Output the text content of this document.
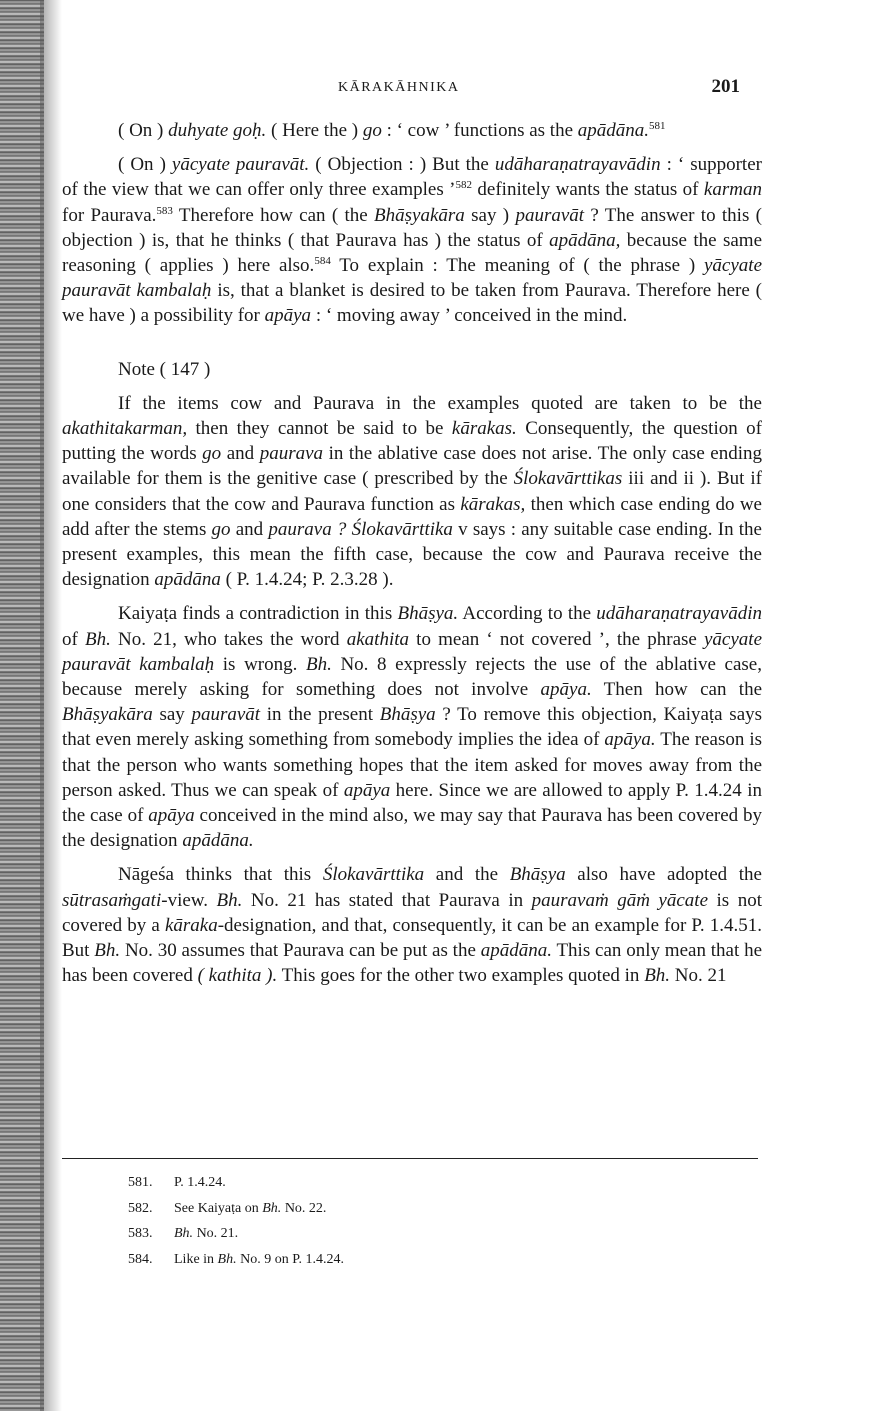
KĀRAKĀHNIKA	201

( On ) duhyate goḥ. ( Here the ) go : ‘ cow ’ functions as the apādāna.$^{581}$

( On ) yācyate pauravāt. ( Objection : ) But the udāharaṇatrayavādin : ‘ supporter of the view that we can offer only three examples ’$^{582}$ definitely wants the status of karman for Paurava.$^{583}$ Therefore how can ( the Bhāṣyakāra say ) pauravāt ? The answer to this ( objection ) is, that he thinks ( that Paurava has ) the status of apādāna, because the same reasoning ( applies ) here also.$^{584}$ To explain : The meaning of ( the phrase ) yācyate pauravāt kambalaḥ is, that a blanket is desired to be taken from Paurava. Therefore here ( we have ) a possibility for apāya : ‘ moving away ’ conceived in the mind.

Note ( 147 )

If the items cow and Paurava in the examples quoted are taken to be the akathitakarman, then they cannot be said to be kārakas. Consequently, the question of putting the words go and paurava in the ablative case does not arise. The only case ending available for them is the genitive case ( prescribed by the Ślokavārttikas iii and ii ). But if one considers that the cow and Paurava function as kārakas, then which case ending do we add after the stems go and paurava ? Ślokavārttika v says : any suitable case ending. In the present examples, this mean the fifth case, because the cow and Paurava receive the designation apādāna ( P. 1.4.24; P. 2.3.28 ).

Kaiyaṭa finds a contradiction in this Bhāṣya. According to the udāharaṇatrayavādin of Bh. No. 21, who takes the word akathita to mean ‘ not covered ’, the phrase yācyate pauravāt kambalaḥ is wrong. Bh. No. 8 expressly rejects the use of the ablative case, because merely asking for something does not involve apāya. Then how can the Bhāṣyakāra say pauravāt in the present Bhāṣya ? To remove this objection, Kaiyaṭa says that even merely asking something from somebody implies the idea of apāya. The reason is that the person who wants something hopes that the item asked for moves away from the person asked. Thus we can speak of apāya here. Since we are allowed to apply P. 1.4.24 in the case of apāya conceived in the mind also, we may say that Paurava has been covered by the designation apādāna.

Nāgeśa thinks that this Ślokavārttika and the Bhāṣya also have adopted the sūtrasaṁgati-view. Bh. No. 21 has stated that Paurava in pauravaṁ gāṁ yācate is not covered by a kāraka-designation, and that, consequently, it can be an example for P. 1.4.51. But Bh. No. 30 assumes that Paurava can be put as the apādāna. This can only mean that he has been covered ( kathita ). This goes for the other two examples quoted in Bh. No. 21

581. P. 1.4.24.
582. See Kaiyaṭa on Bh. No. 22.
583. Bh. No. 21.
584. Like in Bh. No. 9 on P. 1.4.24.
